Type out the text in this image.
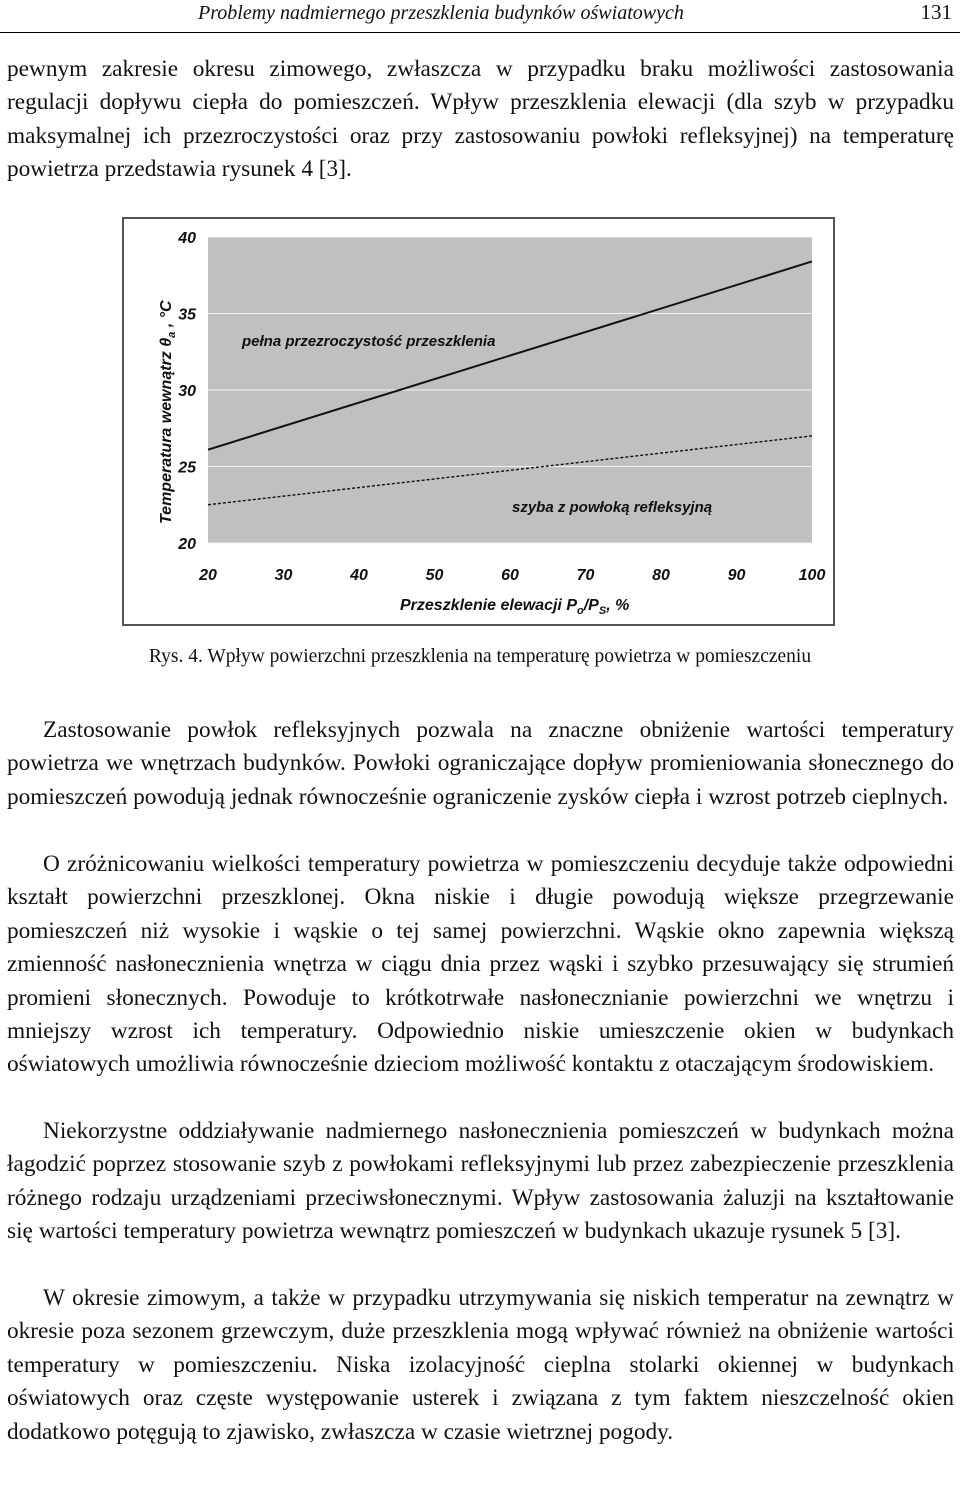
Problemy nadmiernego przeszklenia budynków oświatowych	131

pewnym zakresie okresu zimowego, zwłaszcza w przypadku braku możliwości zastosowania regulacji dopływu ciepła do pomieszczeń. Wpływ przeszklenia elewacji (dla szyb w przypadku maksymalnej ich przezroczystości oraz przy zastosowaniu powłoki refleksyjnej) na temperaturę powietrza przedstawia rysunek 4 [3].

20
25
30
35
40
20	30	40	50	60	70	80	90	100
pełna przezroczystość przeszklenia
szyba z powłoką refleksyjną
Przeszklenie elewacji $P_o/P_S$, %
Temperatura wewnątrz $\theta_a$ , °C
Rys. 4. Wpływ powierzchni przeszklenia na temperaturę powietrza w pomieszczeniu

Zastosowanie powłok refleksyjnych pozwala na znaczne obniżenie wartości temperatury powietrza we wnętrzach budynków. Powłoki ograniczające dopływ promieniowania słonecznego do pomieszczeń powodują jednak równocześnie ograniczenie zysków ciepła i wzrost potrzeb cieplnych.

O zróżnicowaniu wielkości temperatury powietrza w pomieszczeniu decyduje także odpowiedni kształt powierzchni przeszklonej. Okna niskie i długie powodują większe przegrzewanie pomieszczeń niż wysokie i wąskie o tej samej powierzchni. Wąskie okno zapewnia większą zmienność nasłonecznienia wnętrza w ciągu dnia przez wąski i szybko przesuwający się strumień promieni słonecznych. Powoduje to krótkotrwałe nasłonecznianie powierzchni we wnętrzu i mniejszy wzrost ich temperatury. Odpowiednio niskie umieszczenie okien w budynkach oświatowych umożliwia równocześnie dzieciom możliwość kontaktu z otaczającym środowiskiem.

Niekorzystne oddziaływanie nadmiernego nasłonecznienia pomieszczeń w budynkach można łagodzić poprzez stosowanie szyb z powłokami refleksyjnymi lub przez zabezpieczenie przeszklenia różnego rodzaju urządzeniami przeciwsłonecznymi. Wpływ zastosowania żaluzji na kształtowanie się wartości temperatury powietrza wewnątrz pomieszczeń w budynkach ukazuje rysunek 5 [3].

W okresie zimowym, a także w przypadku utrzymywania się niskich temperatur na zewnątrz w okresie poza sezonem grzewczym, duże przeszklenia mogą wpływać również na obniżenie wartości temperatury w pomieszczeniu. Niska izolacyjność cieplna stolarki okiennej w budynkach oświatowych oraz częste występowanie usterek i związana z tym faktem nieszczelność okien dodatkowo potęgują to zjawisko, zwłaszcza w czasie wietrznej pogody.
